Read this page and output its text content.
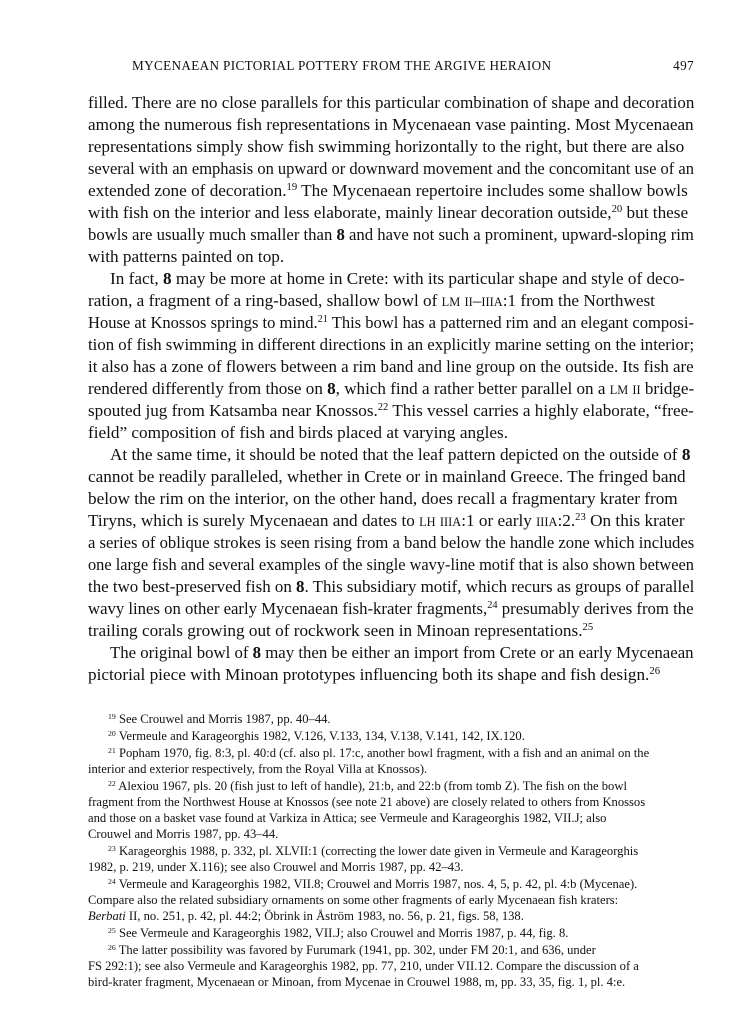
MYCENAEAN PICTORIAL POTTERY FROM THE ARGIVE HERAION	497
filled. There are no close parallels for this particular combination of shape and decoration
among the numerous fish representations in Mycenaean vase painting. Most Mycenaean
representations simply show fish swimming horizontally to the right, but there are also
several with an emphasis on upward or downward movement and the concomitant use of an
extended zone of decoration.$^{19}$ The Mycenaean repertoire includes some shallow bowls
with fish on the interior and less elaborate, mainly linear decoration outside,$^{20}$ but these
bowls are usually much smaller than 8 and have not such a prominent, upward-sloping rim
with patterns painted on top.
In fact, 8 may be more at home in Crete: with its particular shape and style of deco-
ration, a fragment of a ring-based, shallow bowl of LM II–IIIA:1 from the Northwest
House at Knossos springs to mind.$^{21}$ This bowl has a patterned rim and an elegant composi-
tion of fish swimming in different directions in an explicitly marine setting on the interior;
it also has a zone of flowers between a rim band and line group on the outside. Its fish are
rendered differently from those on 8, which find a rather better parallel on a LM II bridge-
spouted jug from Katsamba near Knossos.$^{22}$ This vessel carries a highly elaborate, “free-
field” composition of fish and birds placed at varying angles.
At the same time, it should be noted that the leaf pattern depicted on the outside of 8
cannot be readily paralleled, whether in Crete or in mainland Greece. The fringed band
below the rim on the interior, on the other hand, does recall a fragmentary krater from
Tiryns, which is surely Mycenaean and dates to LH IIIA:1 or early IIIA:2.23 On this krater
a series of oblique strokes is seen rising from a band below the handle zone which includes
one large fish and several examples of the single wavy-line motif that is also shown between
the two best-preserved fish on 8. This subsidiary motif, which recurs as groups of parallel
wavy lines on other early Mycenaean fish-krater fragments,$^{24}$ presumably derives from the
trailing corals growing out of rockwork seen in Minoan representations.$^{25}$
The original bowl of 8 may then be either an import from Crete or an early Mycenaean
pictorial piece with Minoan prototypes influencing both its shape and fish design.$^{26}$
$^{19}$ See Crouwel and Morris 1987, pp. 40–44.
$^{20}$ Vermeule and Karageorghis 1982, V.126, V.133, 134, V.138, V.141, 142, IX.120.
$^{21}$ Popham 1970, fig. 8:3, pl. 40:d (cf. also pl. 17:c, another bowl fragment, with a fish and an animal on the
interior and exterior respectively, from the Royal Villa at Knossos).
$^{22}$ Alexiou 1967, pls. 20 (fish just to left of handle), 21:b, and 22:b (from tomb Z). The fish on the bowl
fragment from the Northwest House at Knossos (see note 21 above) are closely related to others from Knossos
and those on a basket vase found at Varkiza in Attica; see Vermeule and Karageorghis 1982, VII.J; also
Crouwel and Morris 1987, pp. 43–44.
$^{23}$ Karageorghis 1988, p. 332, pl. XLVII:1 (correcting the lower date given in Vermeule and Karageorghis
1982, p. 219, under X.116); see also Crouwel and Morris 1987, pp. 42–43.
$^{24}$ Vermeule and Karageorghis 1982, VII.8; Crouwel and Morris 1987, nos. 4, 5, p. 42, pl. 4:b (Mycenae).
Compare also the related subsidiary ornaments on some other fragments of early Mycenaean fish kraters:
Berbati II, no. 251, p. 42, pl. 44:2; Öbrink in Åström 1983, no. 56, p. 21, figs. 58, 138.
$^{25}$ See Vermeule and Karageorghis 1982, VII.J; also Crouwel and Morris 1987, p. 44, fig. 8.
$^{26}$ The latter possibility was favored by Furumark (1941, pp. 302, under FM 20:1, and 636, under
FS 292:1); see also Vermeule and Karageorghis 1982, pp. 77, 210, under VII.12. Compare the discussion of a
bird-krater fragment, Mycenaean or Minoan, from Mycenae in Crouwel 1988, m, pp. 33, 35, fig. 1, pl. 4:e.
